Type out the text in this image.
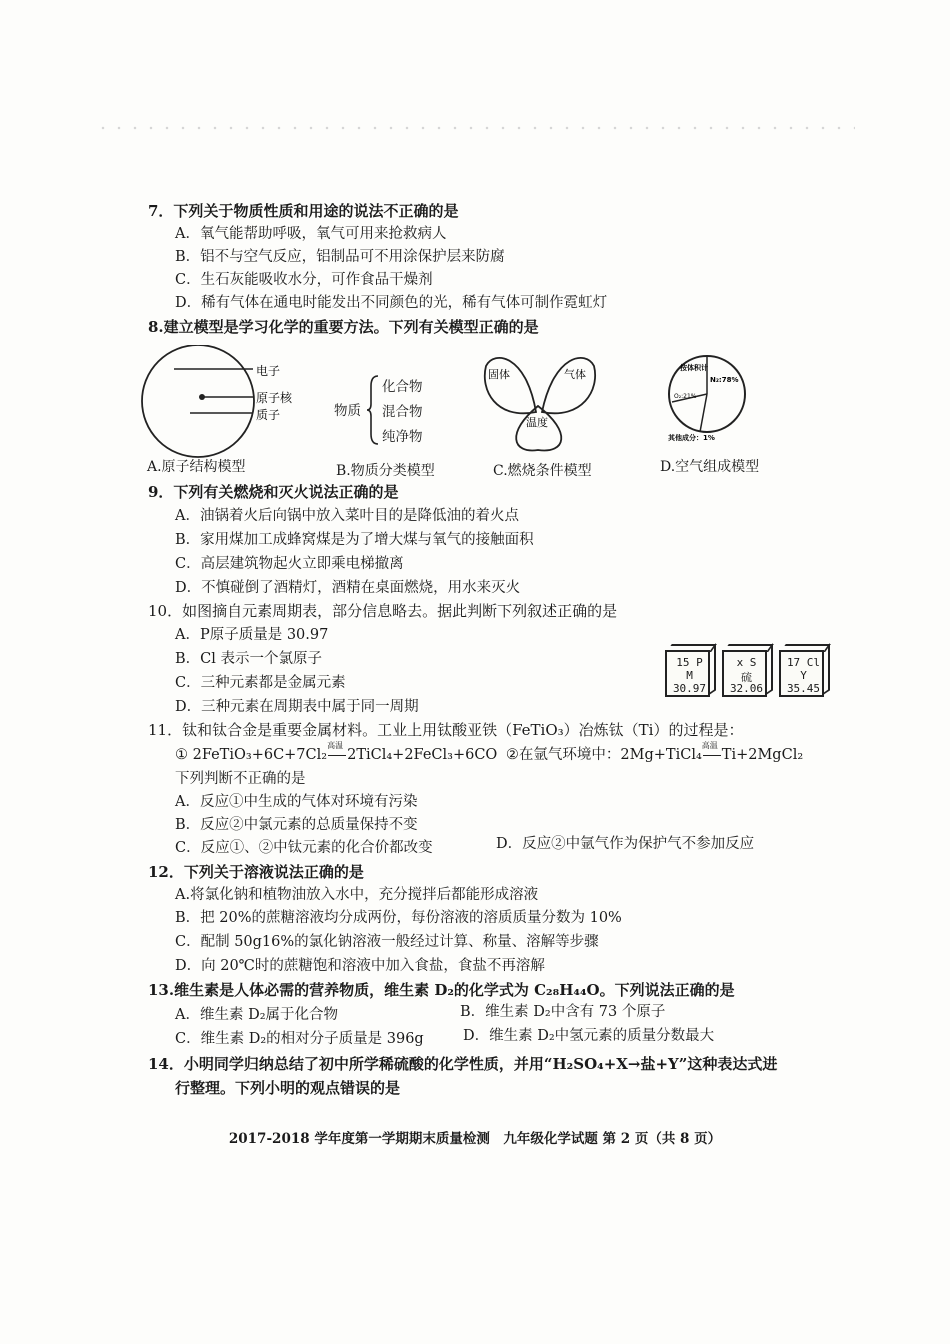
7．下列关于物质性质和用途的说法不正确的是
A．氧气能帮助呼吸，氧气可用来抢救病人
B．铝不与空气反应，铝制品可不用涂保护层来防腐
C．生石灰能吸收水分，可作食品干燥剂
D．稀有气体在通电时能发出不同颜色的光，稀有气体可制作霓虹灯
8.建立模型是学习化学的重要方法。下列有关模型正确的是
电子
原子核
质子
A.原子结构模型
物质
化合物
混合物
纯净物
B.物质分类模型
固体	气体
温度
C.燃烧条件模型
按体积计
N₂:78%
O₂:21%
其他成分：1%
D.空气组成模型
9．下列有关燃烧和灭火说法正确的是
A．油锅着火后向锅中放入菜叶目的是降低油的着火点
B．家用煤加工成蜂窝煤是为了增大煤与氧气的接触面积
C．高层建筑物起火立即乘电梯撤离
D．不慎碰倒了酒精灯，酒精在桌面燃烧，用水来灭火
10．如图摘自元素周期表，部分信息略去。据此判断下列叙述正确的是
A．P原子质量是 30.97
B．Cl 表示一个氯原子
C．三种元素都是金属元素
D．三种元素在周期表中属于同一周期
15 P
M
30.97
x S
硫
32.06
17 Cl
Y
35.45
11．钛和钛合金是重要金属材料。工业上用钛酸亚铁（FeTiO₃）冶炼钛（Ti）的过程是：
① 2FeTiO₃+6C+7Cl₂
高温
2TiCl₄+2FeCl₃+6CO ②在氩气环境中：2Mg+TiCl₄
高温
Ti+2MgCl₂
下列判断不正确的是
A．反应①中生成的气体对环境有污染
B．反应②中氯元素的总质量保持不变
C．反应①、②中钛元素的化合价都改变	D．反应②中氩气作为保护气不参加反应
12．下列关于溶液说法正确的是
A.将氯化钠和植物油放入水中，充分搅拌后都能形成溶液
B．把 20%的蔗糖溶液均分成两份，每份溶液的溶质质量分数为 10%
C．配制 50g16%的氯化钠溶液一般经过计算、称量、溶解等步骤
D．向 20℃时的蔗糖饱和溶液中加入食盐，食盐不再溶解
13.维生素是人体必需的营养物质，维生素 D₂的化学式为 C₂₈H₄₄O。下列说法正确的是
A．维生素 D₂属于化合物	B．维生素 D₂中含有 73 个原子
C．维生素 D₂的相对分子质量是 396g	D．维生素 D₂中氢元素的质量分数最大
14．小明同学归纳总结了初中所学稀硫酸的化学性质，并用“H₂SO₄+X→盐+Y”这种表达式进
行整理。下列小明的观点错误的是
2017-2018 学年度第一学期期末质量检测　九年级化学试题 第 2 页（共 8 页）
